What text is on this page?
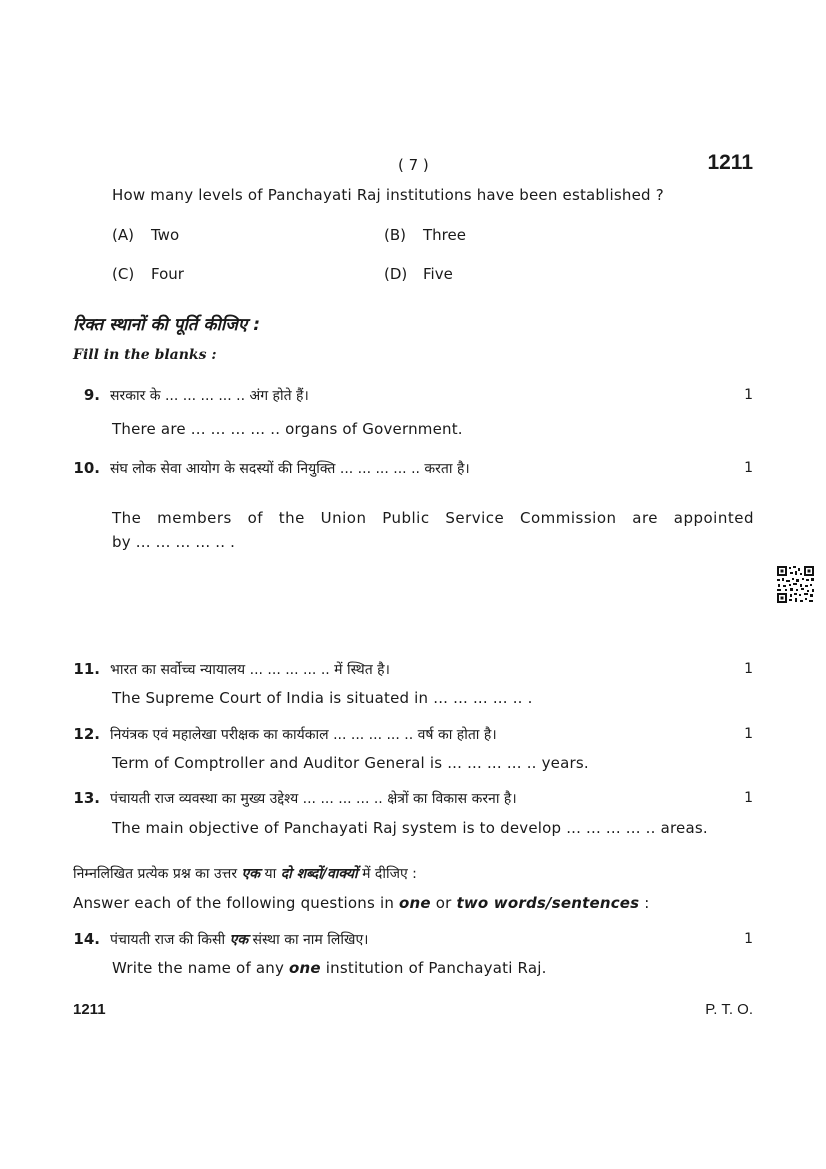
( 7 )	1211
How many levels of Panchayati Raj institutions have been established ?
(A) Two	(B) Three
(C) Four	(D) Five
रिक्त स्थानों की पूर्ति कीजिए :
Fill in the blanks :
9. सरकार के ... ... ... ... .. अंग होते हैं।	1
There are ... ... ... ... .. organs of Government.
10. संघ लोक सेवा आयोग के सदस्यों की नियुक्ति ... ... ... ... .. करता है।	1
The members of the Union Public Service Commission are appointed
by ... ... ... ... .. .
11. भारत का सर्वोच्च न्यायालय ... ... ... ... .. में स्थित है।	1
The Supreme Court of India is situated in ... ... ... ... .. .
12. नियंत्रक एवं महालेखा परीक्षक का कार्यकाल ... ... ... ... .. वर्ष का होता है।	1
Term of Comptroller and Auditor General is ... ... ... ... .. years.
13. पंचायती राज व्यवस्था का मुख्य उद्देश्य ... ... ... ... .. क्षेत्रों का विकास करना है।	1
The main objective of Panchayati Raj system is to develop ... ... ... ... .. areas.
निम्नलिखित प्रत्येक प्रश्न का उत्तर एक या दो शब्दों/वाक्यों में दीजिए :
Answer each of the following questions in one or two words/sentences :
14. पंचायती राज की किसी एक संस्था का नाम लिखिए।	1
Write the name of any one institution of Panchayati Raj.
1211	P. T. O.
